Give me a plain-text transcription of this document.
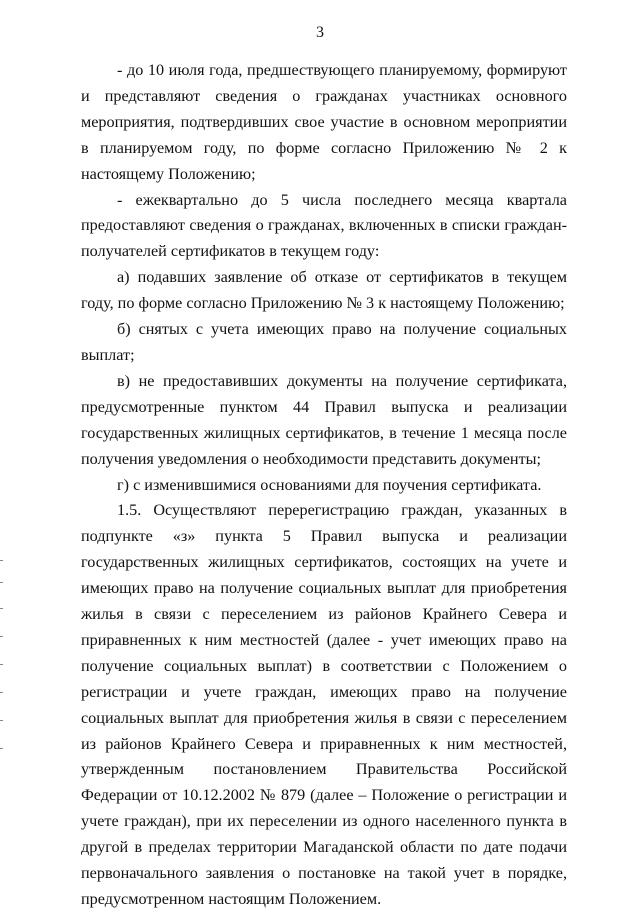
3

- до 10 июля года, предшествующего планируемому, формируют и представляют сведения о гражданах участниках основного мероприятия, подтвердивших свое участие в основном мероприятии в планируемом году, по форме согласно Приложению № 2 к настоящему Положению;

- ежеквартально до 5 числа последнего месяца квартала предоставляют сведения о гражданах, включенных в списки граждан-получателей сертификатов в текущем году:

а) подавших заявление об отказе от сертификатов в текущем году, по форме согласно Приложению № 3 к настоящему Положению;

б) снятых с учета имеющих право на получение социальных выплат;

в) не предоставивших документы на получение сертификата, предусмотренные пунктом 44 Правил выпуска и реализации государственных жилищных сертификатов, в течение 1 месяца после получения уведомления о необходимости представить документы;

г) с изменившимися основаниями для поучения сертификата.

1.5. Осуществляют перерегистрацию граждан, указанных в подпункте «з» пункта 5 Правил выпуска и реализации государственных жилищных сертификатов, состоящих на учете и имеющих право на получение социальных выплат для приобретения жилья в связи с переселением из районов Крайнего Севера и приравненных к ним местностей (далее - учет имеющих право на получение социальных выплат) в соответствии с Положением о регистрации и учете граждан, имеющих право на получение социальных выплат для приобретения жилья в связи с переселением из районов Крайнего Севера и приравненных к ним местностей, утвержденным постановлением Правительства Российской Федерации от 10.12.2002 № 879 (далее – Положение о регистрации и учете граждан), при их переселении из одного населенного пункта в другой в пределах территории Магаданской области по дате подачи первоначального заявления о постановке на такой учет в порядке, предусмотренном настоящим Положением.
